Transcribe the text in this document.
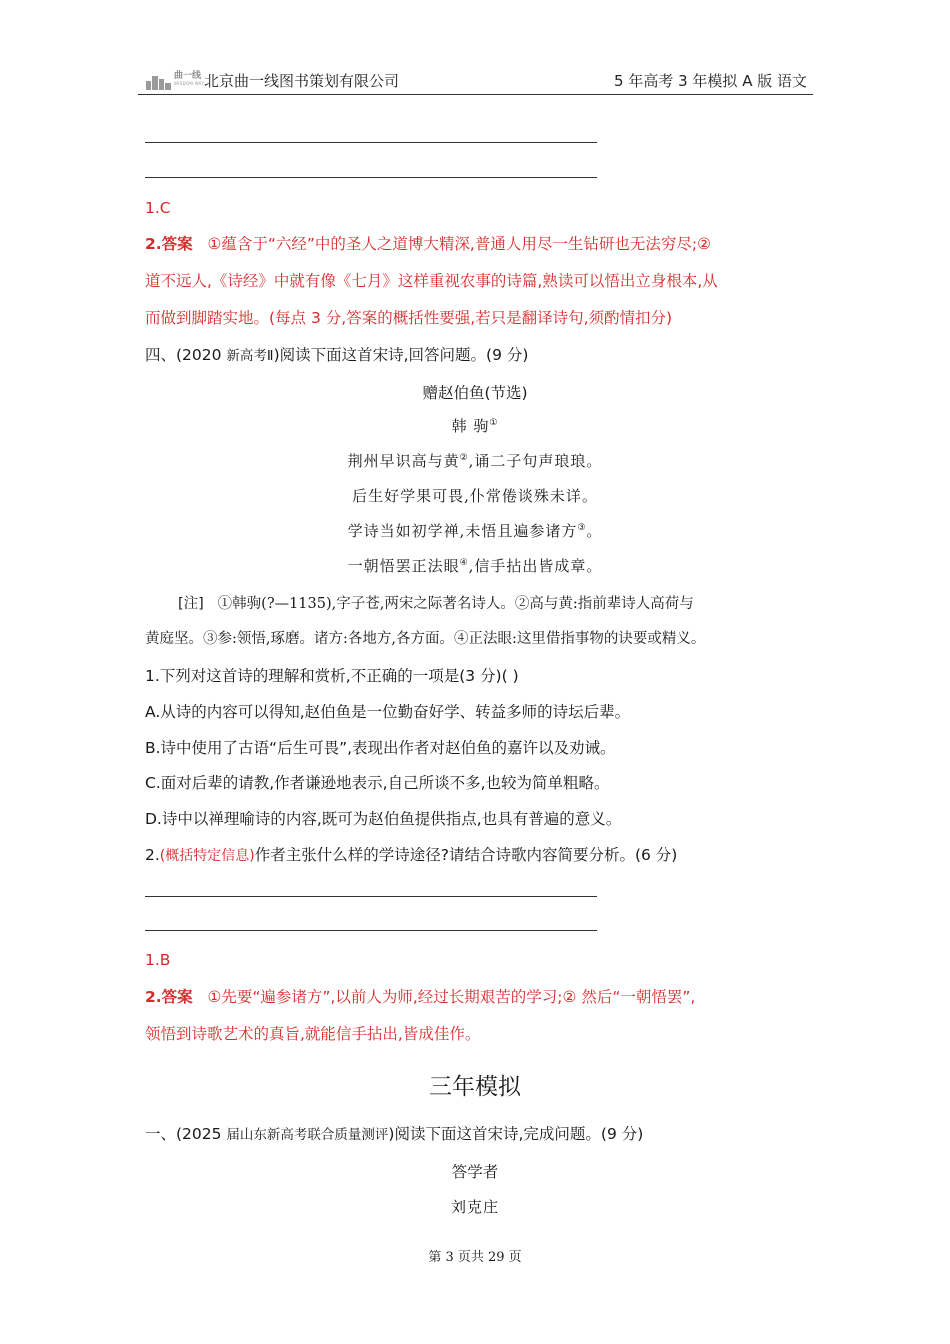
曲一线
WISDOM WAY 北京曲一线图书策划有限公司	5 年高考 3 年模拟 A 版 语文
1.C
2.答案 ①蕴含于“六经”中的圣人之道博大精深,普通人用尽一生钻研也无法穷尽;②
道不远人,《诗经》中就有像《七月》这样重视农事的诗篇,熟读可以悟出立身根本,从
而做到脚踏实地。(每点 3 分,答案的概括性要强,若只是翻译诗句,须酌情扣分)
四、(2020 新高考Ⅱ)阅读下面这首宋诗,回答问题。(9 分)
赠赵伯鱼(节选)
韩 驹①
荆州早识高与黄②,诵二子句声琅琅。
后生好学果可畏,仆常倦谈殊未详。
学诗当如初学禅,未悟且遍参诸方③。
一朝悟罢正法眼④,信手拈出皆成章。
[注] ①韩驹(?—1135),字子苍,两宋之际著名诗人。②高与黄:指前辈诗人高荷与
黄庭坚。③参:领悟,琢磨。诸方:各地方,各方面。④正法眼:这里借指事物的诀要或精义。
1.下列对这首诗的理解和赏析,不正确的一项是(3 分)( )
A.从诗的内容可以得知,赵伯鱼是一位勤奋好学、转益多师的诗坛后辈。
B.诗中使用了古语“后生可畏”,表现出作者对赵伯鱼的嘉许以及劝诫。
C.面对后辈的请教,作者谦逊地表示,自己所谈不多,也较为简单粗略。
D.诗中以禅理喻诗的内容,既可为赵伯鱼提供指点,也具有普遍的意义。
2.(概括特定信息)作者主张什么样的学诗途径?请结合诗歌内容简要分析。(6 分)
1.B
2.答案 ①先要“遍参诸方”,以前人为师,经过长期艰苦的学习;② 然后“一朝悟罢”,
领悟到诗歌艺术的真旨,就能信手拈出,皆成佳作。
三年模拟
一、(2025 届山东新高考联合质量测评)阅读下面这首宋诗,完成问题。(9 分)
答学者
刘克庄
第 3 页共 29 页
